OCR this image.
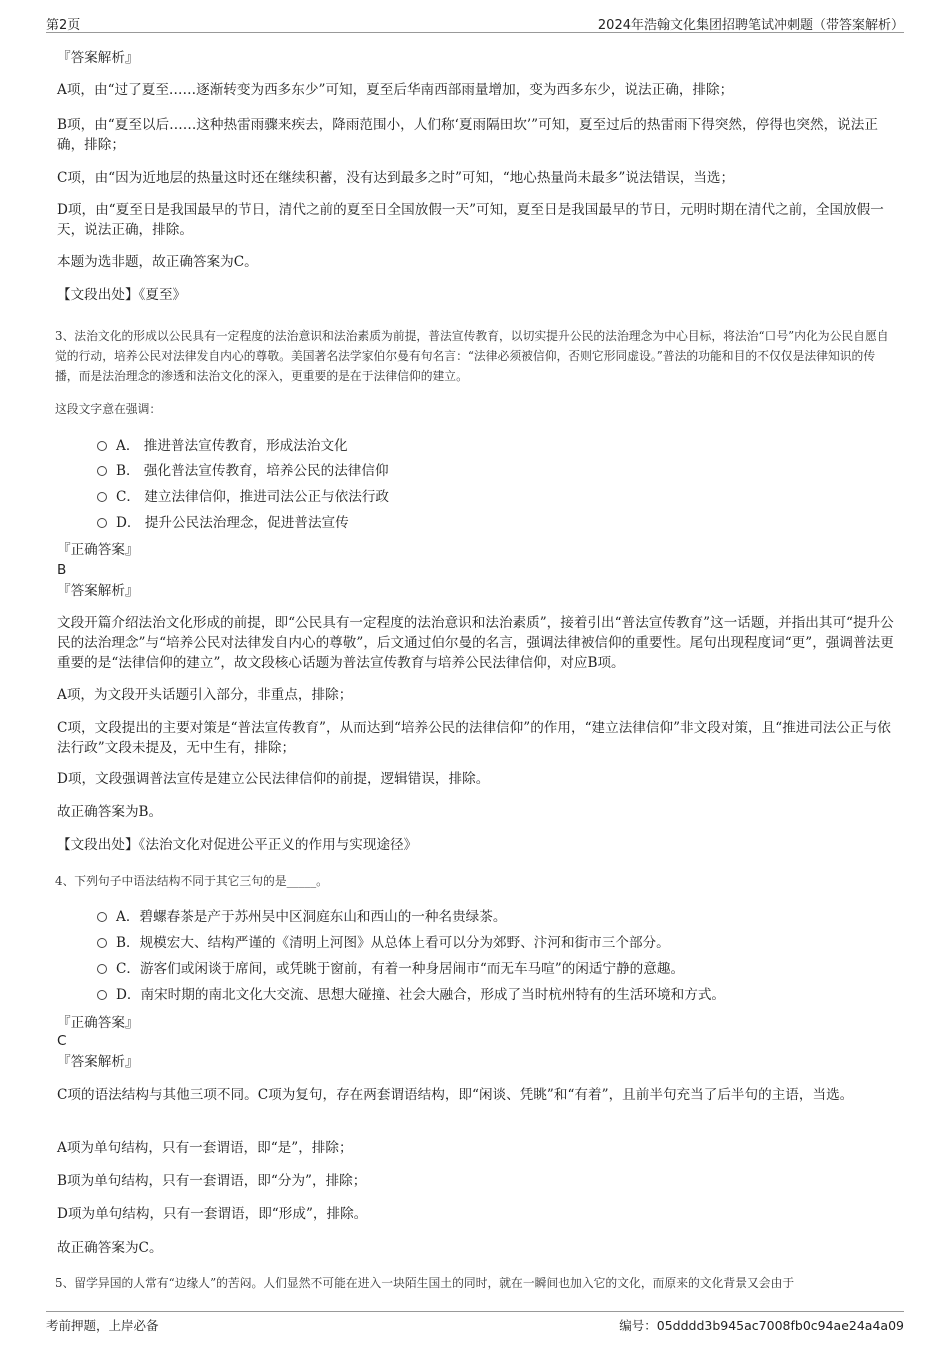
第2页	2024年浩翰文化集团招聘笔试冲刺题（带答案解析）
『答案解析』
A项，由“过了夏至……逐渐转变为西多东少”可知，夏至后华南西部雨量增加，变为西多东少，说法正确，排除；
B项，由“夏至以后……这种热雷雨骤来疾去，降雨范围小，人们称‘夏雨隔田坎’”可知，夏至过后的热雷雨下得突然，停得也突然，说法正确，排除；
C项，由“因为近地层的热量这时还在继续积蓄，没有达到最多之时”可知，“地心热量尚未最多”说法错误，当选；
D项，由“夏至日是我国最早的节日，清代之前的夏至日全国放假一天”可知，夏至日是我国最早的节日，元明时期在清代之前，全国放假一天，说法正确，排除。
本题为选非题，故正确答案为C。
【文段出处】《夏至》
3、法治文化的形成以公民具有一定程度的法治意识和法治素质为前提，普法宣传教育，以切实提升公民的法治理念为中心目标，将法治“口号”内化为公民自愿自觉的行动，培养公民对法律发自内心的尊敬。美国著名法学家伯尔曼有句名言：“法律必须被信仰，否则它形同虚设。”普法的功能和目的不仅仅是法律知识的传播，而是法治理念的渗透和法治文化的深入，更重要的是在于法律信仰的建立。
这段文字意在强调：
A． 推进普法宣传教育，形成法治文化
B． 强化普法宣传教育，培养公民的法律信仰
C． 建立法律信仰，推进司法公正与依法行政
D． 提升公民法治理念，促进普法宣传
『正确答案』
B
『答案解析』
文段开篇介绍法治文化形成的前提，即“公民具有一定程度的法治意识和法治素质”，接着引出“普法宣传教育”这一话题，并指出其可“提升公民的法治理念”与“培养公民对法律发自内心的尊敬”，后文通过伯尔曼的名言，强调法律被信仰的重要性。尾句出现程度词“更”，强调普法更重要的是“法律信仰的建立”，故文段核心话题为普法宣传教育与培养公民法律信仰，对应B项。
A项，为文段开头话题引入部分，非重点，排除；
C项，文段提出的主要对策是“普法宣传教育”，从而达到“培养公民的法律信仰”的作用，“建立法律信仰”非文段对策，且“推进司法公正与依法行政”文段未提及，无中生有，排除；
D项，文段强调普法宣传是建立公民法律信仰的前提，逻辑错误，排除。
故正确答案为B。
【文段出处】《法治文化对促进公平正义的作用与实现途径》
4、下列句子中语法结构不同于其它三句的是_____。
A．碧螺春茶是产于苏州吴中区洞庭东山和西山的一种名贵绿茶。
B．规模宏大、结构严谨的《清明上河图》从总体上看可以分为郊野、汴河和街市三个部分。
C．游客们或闲谈于席间，或凭眺于窗前，有着一种身居闹市“而无车马喧”的闲适宁静的意趣。
D．南宋时期的南北文化大交流、思想大碰撞、社会大融合，形成了当时杭州特有的生活环境和方式。
『正确答案』
C
『答案解析』
C项的语法结构与其他三项不同。C项为复句，存在两套谓语结构，即“闲谈、凭眺”和“有着”，且前半句充当了后半句的主语，当选。
A项为单句结构，只有一套谓语，即“是”，排除；
B项为单句结构，只有一套谓语，即“分为”，排除；
D项为单句结构，只有一套谓语，即“形成”，排除。
故正确答案为C。
5、留学异国的人常有“边缘人”的苦闷。人们显然不可能在进入一块陌生国土的同时，就在一瞬间也加入它的文化，而原来的文化背景又会由于
考前押题，上岸必备	编号：05dddd3b945ac7008fb0c94ae24a4a09
